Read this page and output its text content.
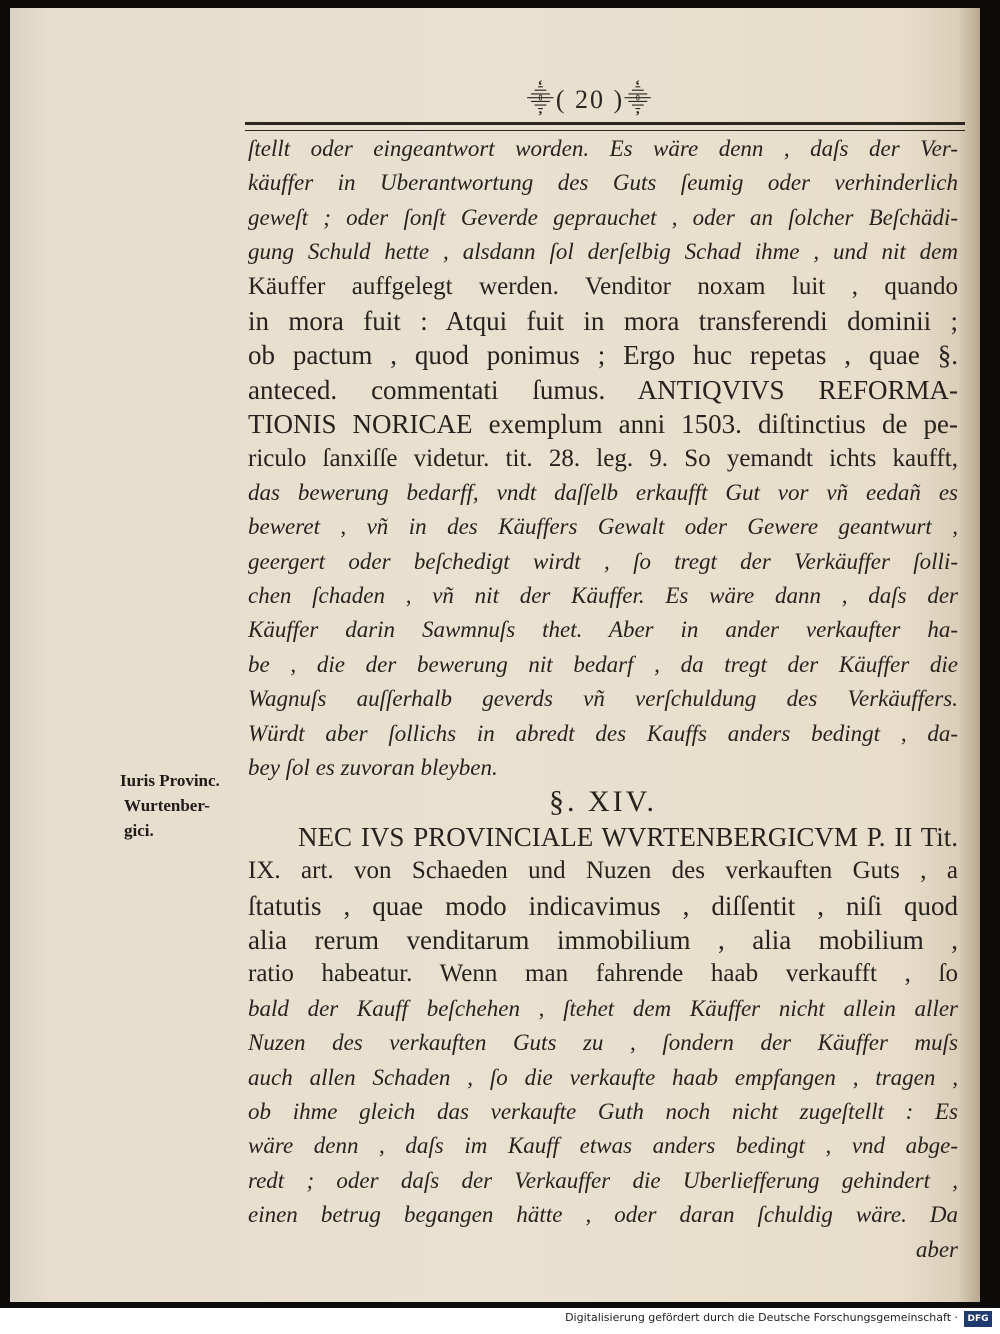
⸎( 20 )⸎
Iuris Provinc.
Wurtenber-
gici.
ſtellt oder eingeantwort worden. Es wäre denn , daſs der Ver-
käuffer in Uberantwortung des Guts ſeumig oder verhinderlich
geweſt ; oder ſonſt Geverde geprauchet , oder an ſolcher Beſchädi-
gung Schuld hette , alsdann ſol derſelbig Schad ihme , und nit dem
Käuffer auffgelegt werden. Venditor noxam luit , quando
in mora fuit : Atqui fuit in mora transferendi dominii ;
ob pactum , quod ponimus ; Ergo huc repetas , quae §.
anteced. commentati ſumus. ANTIQVIVS REFORMA-
TIONIS NORICAE exemplum anni 1503. diſtinctius de pe-
riculo ſanxiſſe videtur. tit. 28. leg. 9. So yemandt ichts kaufft,
das bewerung bedarff, vndt daſſelb erkaufft Gut vor vñ eedañ es
beweret , vñ in des Käuffers Gewalt oder Gewere geantwurt ,
geergert oder beſchedigt wirdt , ſo tregt der Verkäuffer ſolli-
chen ſchaden , vñ nit der Käuffer. Es wäre dann , daſs der
Käuffer darin Sawmnuſs thet. Aber in ander verkaufter ha-
be , die der bewerung nit bedarf , da tregt der Käuffer die
Wagnuſs auſſerhalb geverds vñ verſchuldung des Verkäuffers.
Würdt aber ſollichs in abredt des Kauffs anders bedingt , da-
bey ſol es zuvoran bleyben.
§. XIV.
NEC IVS PROVINCIALE WVRTENBERGICVM P. II Tit.
IX. art. von Schaeden und Nuzen des verkauften Guts , a
ſtatutis , quae modo indicavimus , diſſentit , niſi quod
alia rerum venditarum immobilium , alia mobilium ,
ratio habeatur. Wenn man fahrende haab verkaufft , ſo
bald der Kauff beſchehen , ſtehet dem Käuffer nicht allein aller
Nuzen des verkauften Guts zu , ſondern der Käuffer muſs
auch allen Schaden , ſo die verkaufte haab empfangen , tragen ,
ob ihme gleich das verkaufte Guth noch nicht zugeſtellt : Es
wäre denn , daſs im Kauff etwas anders bedingt , vnd abge-
redt ; oder daſs der Verkauffer die Uberliefferung gehindert ,
einen betrug begangen hätte , oder daran ſchuldig wäre. Da
aber
Digitalisierung gefördert durch die Deutsche Forschungsgemeinschaft ·	DFG
